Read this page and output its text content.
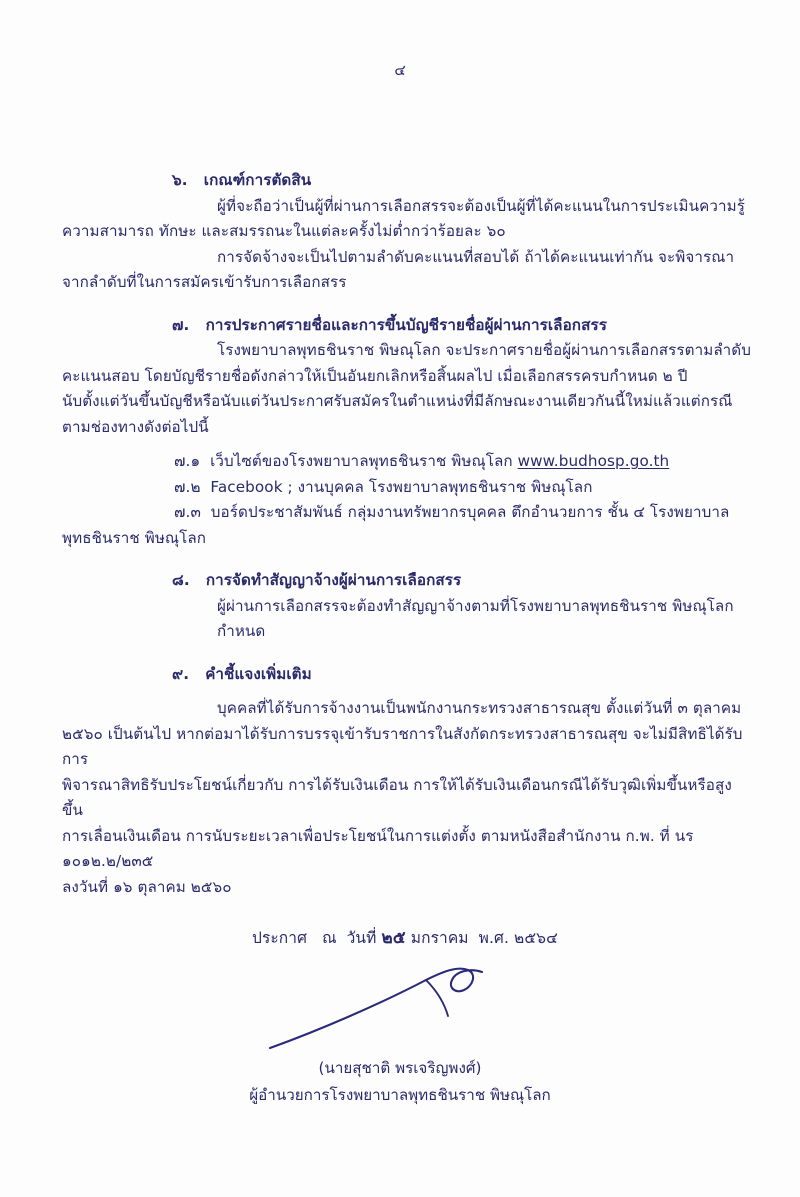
๔
๖. เกณฑ์การตัดสิน
ผู้ที่จะถือว่าเป็นผู้ที่ผ่านการเลือกสรรจะต้องเป็นผู้ที่ได้คะแนนในการประเมินความรู้
ความสามารถ ทักษะ และสมรรถนะในแต่ละครั้งไม่ต่ำกว่าร้อยละ ๖๐
การจัดจ้างจะเป็นไปตามลำดับคะแนนที่สอบได้ ถ้าได้คะแนนเท่ากัน จะพิจารณา
จากลำดับที่ในการสมัครเข้ารับการเลือกสรร
๗. การประกาศรายชื่อและการขึ้นบัญชีรายชื่อผู้ผ่านการเลือกสรร
โรงพยาบาลพุทธชินราช พิษณุโลก จะประกาศรายชื่อผู้ผ่านการเลือกสรรตามลำดับ
คะแนนสอบ โดยบัญชีรายชื่อดังกล่าวให้เป็นอันยกเลิกหรือสิ้นผลไป เมื่อเลือกสรรครบกำหนด ๒ ปี
นับตั้งแต่วันขึ้นบัญชีหรือนับแต่วันประกาศรับสมัครในตำแหน่งที่มีลักษณะงานเดียวกันนี้ใหม่แล้วแต่กรณี
ตามช่องทางดังต่อไปนี้
๗.๑ เว็บไซต์ของโรงพยาบาลพุทธชินราช พิษณุโลก www.budhosp.go.th
๗.๒ Facebook ; งานบุคคล โรงพยาบาลพุทธชินราช พิษณุโลก
๗.๓ บอร์ดประชาสัมพันธ์ กลุ่มงานทรัพยากรบุคคล ตึกอำนวยการ ชั้น ๔ โรงพยาบาล
พุทธชินราช พิษณุโลก
๘. การจัดทำสัญญาจ้างผู้ผ่านการเลือกสรร
ผู้ผ่านการเลือกสรรจะต้องทำสัญญาจ้างตามที่โรงพยาบาลพุทธชินราช พิษณุโลกกำหนด
๙. คำชี้แจงเพิ่มเติม
บุคคลที่ได้รับการจ้างงานเป็นพนักงานกระทรวงสาธารณสุข ตั้งแต่วันที่ ๓ ตุลาคม
๒๕๖๐ เป็นต้นไป หากต่อมาได้รับการบรรจุเข้ารับราชการในสังกัดกระทรวงสาธารณสุข จะไม่มีสิทธิได้รับการ
พิจารณาสิทธิรับประโยชน์เกี่ยวกับ การได้รับเงินเดือน การให้ได้รับเงินเดือนกรณีได้รับวุฒิเพิ่มขึ้นหรือสูงขึ้น
การเลื่อนเงินเดือน การนับระยะเวลาเพื่อประโยชน์ในการแต่งตั้ง ตามหนังสือสำนักงาน ก.พ. ที่ นร ๑๐๑๒.๒/๒๓๕
ลงวันที่ ๑๖ ตุลาคม ๒๕๖๐
ประกาศ   ณ  วันที่ ๒๕ มกราคม  พ.ศ. ๒๕๖๔
(นายสุชาติ พรเจริญพงศ์)
ผู้อำนวยการโรงพยาบาลพุทธชินราช พิษณุโลก
